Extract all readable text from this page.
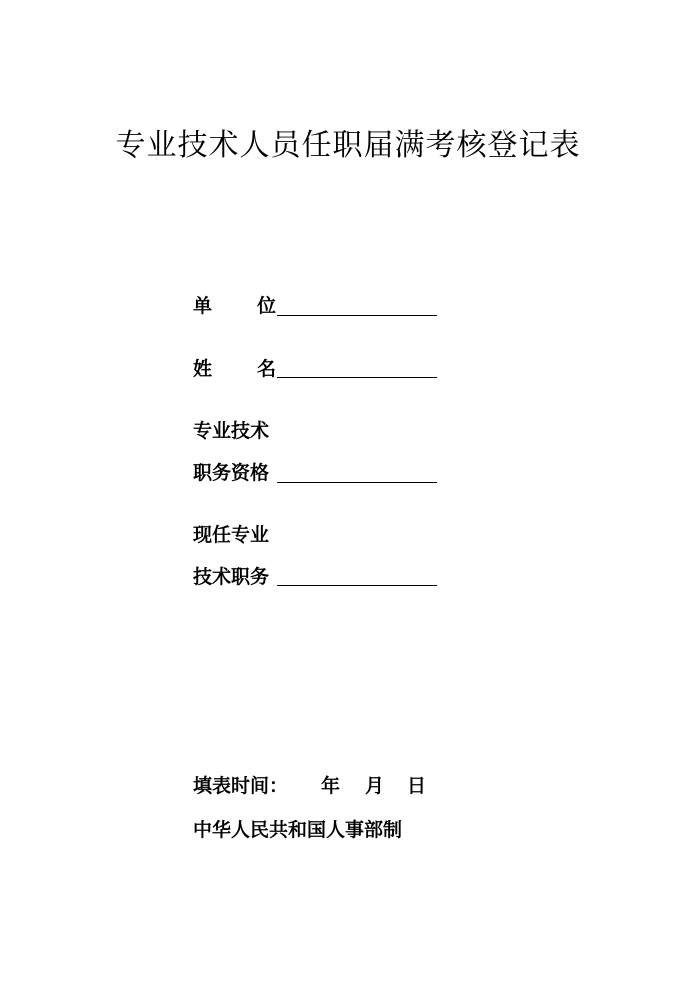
专业技术人员任职届满考核登记表
单 位
姓 名
专业技术
职务资格
现任专业
技术职务
填表时间： 年 月 日
中华人民共和国人事部制
